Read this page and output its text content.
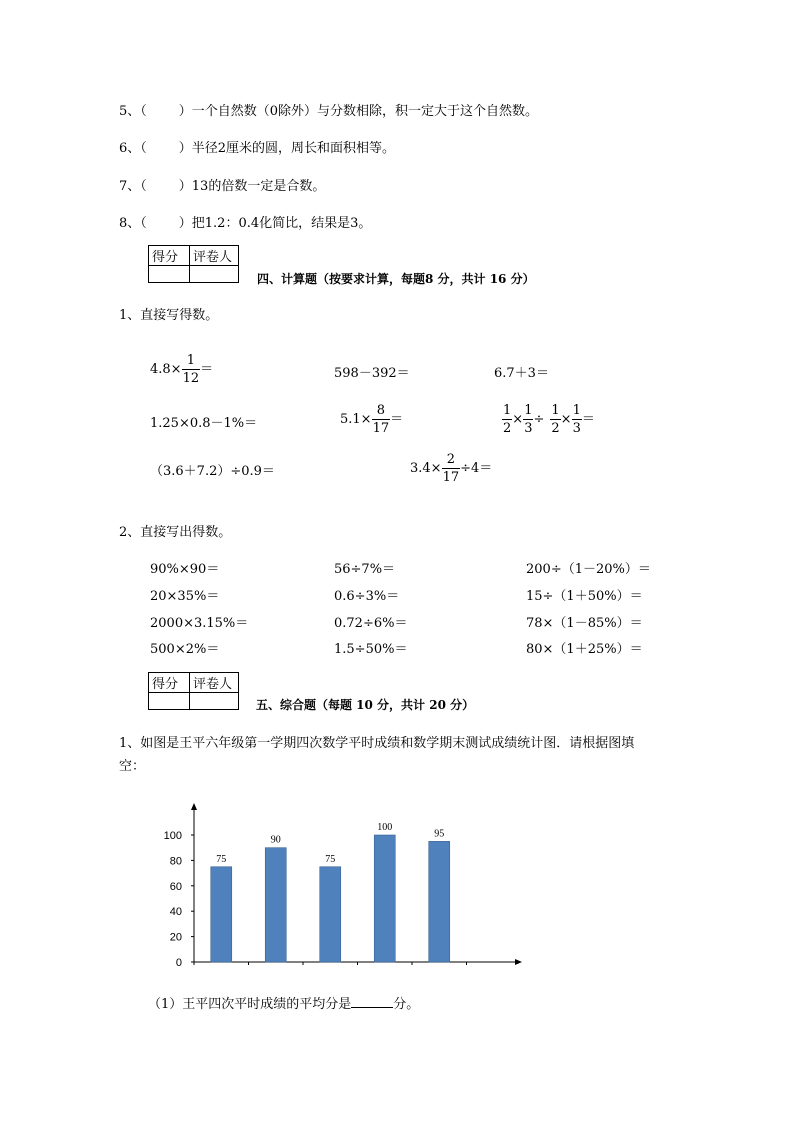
5、（ ）一个自然数（0除外）与分数相除，积一定大于这个自然数。
6、（ ）半径2厘米的圆，周长和面积相等。
7、（ ）13的倍数一定是合数。
8、（ ）把1.2：0.4化简比，结果是3。
得分	评卷人

四、计算题（按要求计算，每题8 分，共计 16 分）
1、直接写得数。
$4.8\times \frac{1}{12}$ ＝	598－392＝	6.7＋3＝
1.25×0.8－1%＝	$5.1\times \frac{8}{17}$ ＝	$\frac{1}{2} \times \frac{1}{3} \div \frac{1}{2} \times \frac{1}{3}$ ＝
（3.6＋7.2）÷0.9＝	$3.4\times \frac{2}{17} \div 4=$
2、直接写出得数。
90%×90＝	56÷7%＝	200÷（1－20%）＝
20×35%＝	0.6÷3%＝	15÷（1＋50%）＝
2000×3.15%＝	0.72÷6%＝	78×（1－85%）＝
500×2%＝	1.5÷50%＝	80×（1＋25%）＝
得分	评卷人

五、综合题（每题 10 分，共计 20 分）
1、如图是王平六年级第一学期四次数学平时成绩和数学期末测试成绩统计图．请根据图填
空：
0
20
40
60
80
100
75
90
75
100
95
（1）王平四次平时成绩的平均分是	分。
